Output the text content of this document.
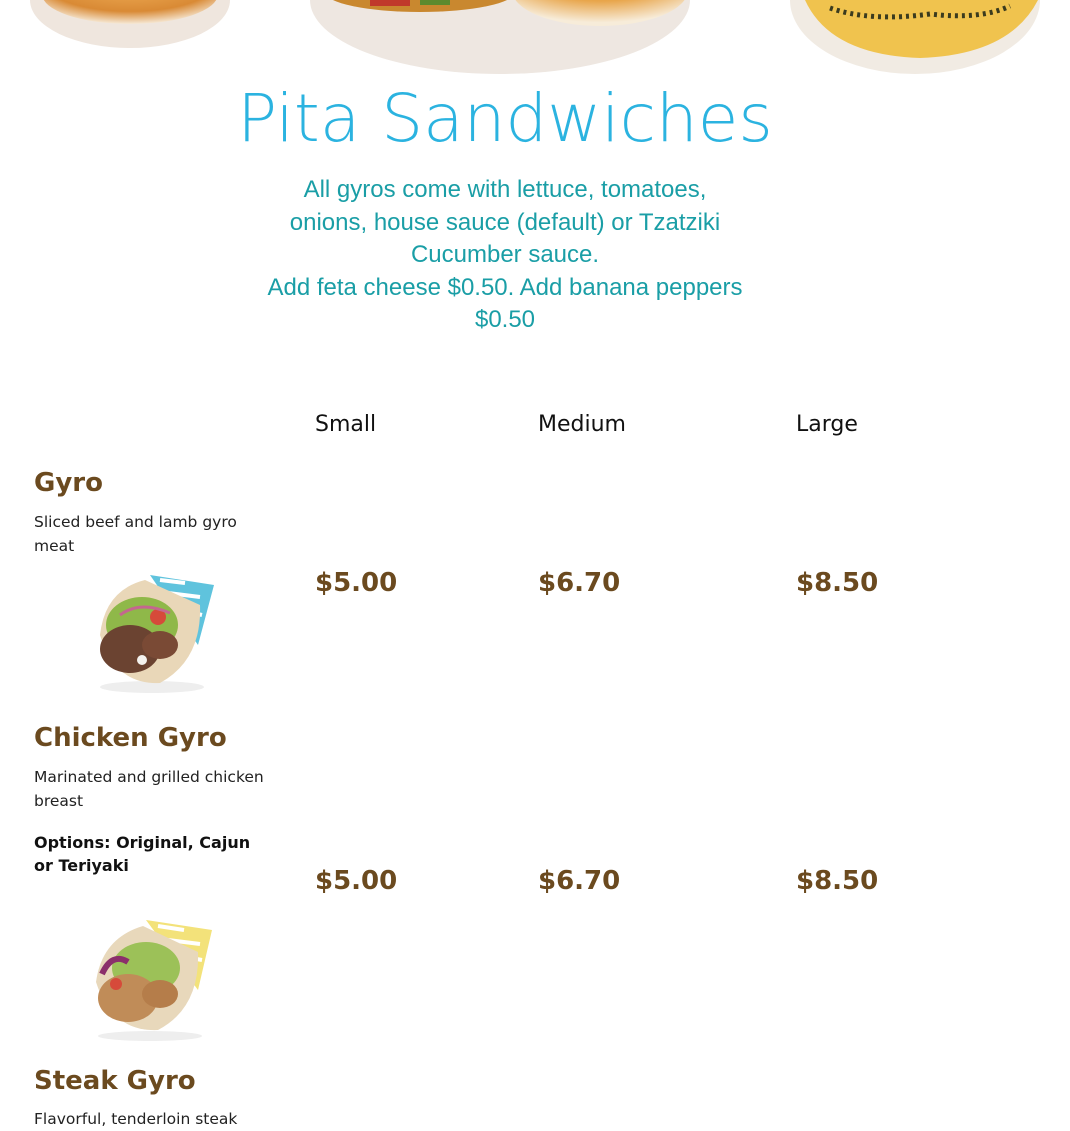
Pita Sandwiches

All gyros come with lettuce, tomatoes, onions, house sauce (default) or Tzatziki Cucumber sauce.

Add feta cheese $0.50. Add banana peppers $0.50

Small	Medium	Large
Gyro
Sliced beef and lamb gyro meat
$5.00	$6.70	$8.50
Chicken Gyro
Marinated and grilled chicken breast
Options: Original, Cajun or Teriyaki
$5.00	$6.70	$8.50
Steak Gyro
Flavorful, tenderloin steak
